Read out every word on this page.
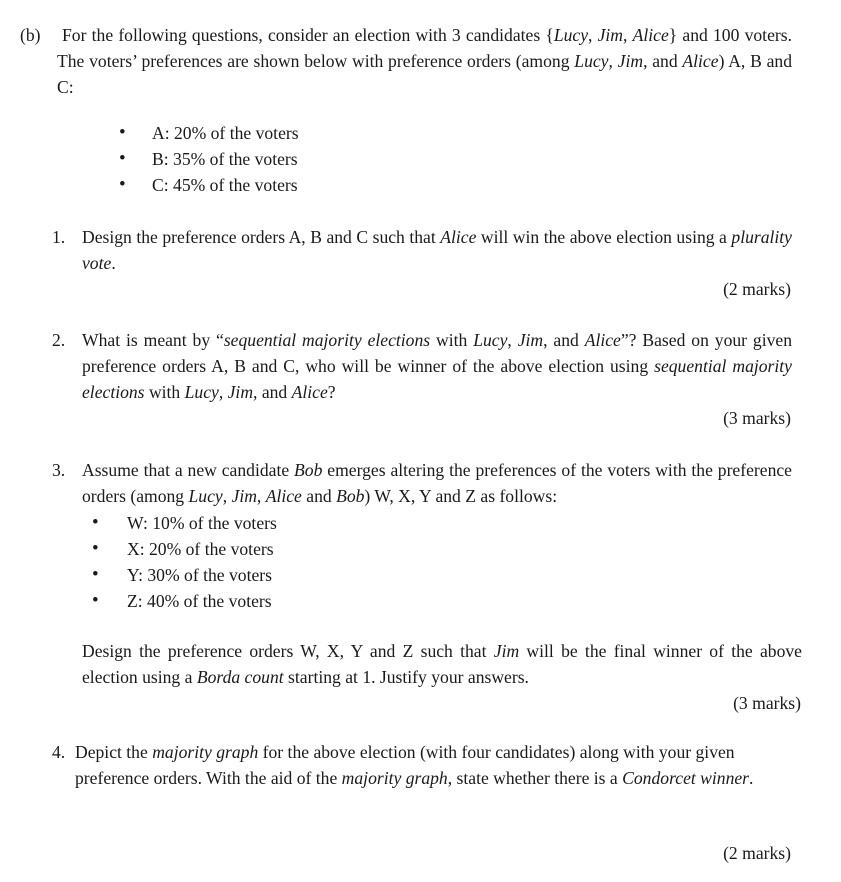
(b) For the following questions, consider an election with 3 candidates {Lucy, Jim, Alice} and 100 voters. The voters’ preferences are shown below with preference orders (among Lucy, Jim, and Alice) A, B and C:
• A: 20% of the voters
• B: 35% of the voters
• C: 45% of the voters
1. Design the preference orders A, B and C such that Alice will win the above election using a plurality vote.
(2 marks)
2. What is meant by “sequential majority elections with Lucy, Jim, and Alice”? Based on your given preference orders A, B and C, who will be winner of the above election using sequential majority elections with Lucy, Jim, and Alice?
(3 marks)
3. Assume that a new candidate Bob emerges altering the preferences of the voters with the preference orders (among Lucy, Jim, Alice and Bob) W, X, Y and Z as follows:
• W: 10% of the voters
• X: 20% of the voters
• Y: 30% of the voters
• Z: 40% of the voters
Design the preference orders W, X, Y and Z such that Jim will be the final winner of the above election using a Borda count starting at 1. Justify your answers.
(3 marks)
4. Depict the majority graph for the above election (with four candidates) along with your given preference orders. With the aid of the majority graph, state whether there is a Condorcet winner.
(2 marks)
